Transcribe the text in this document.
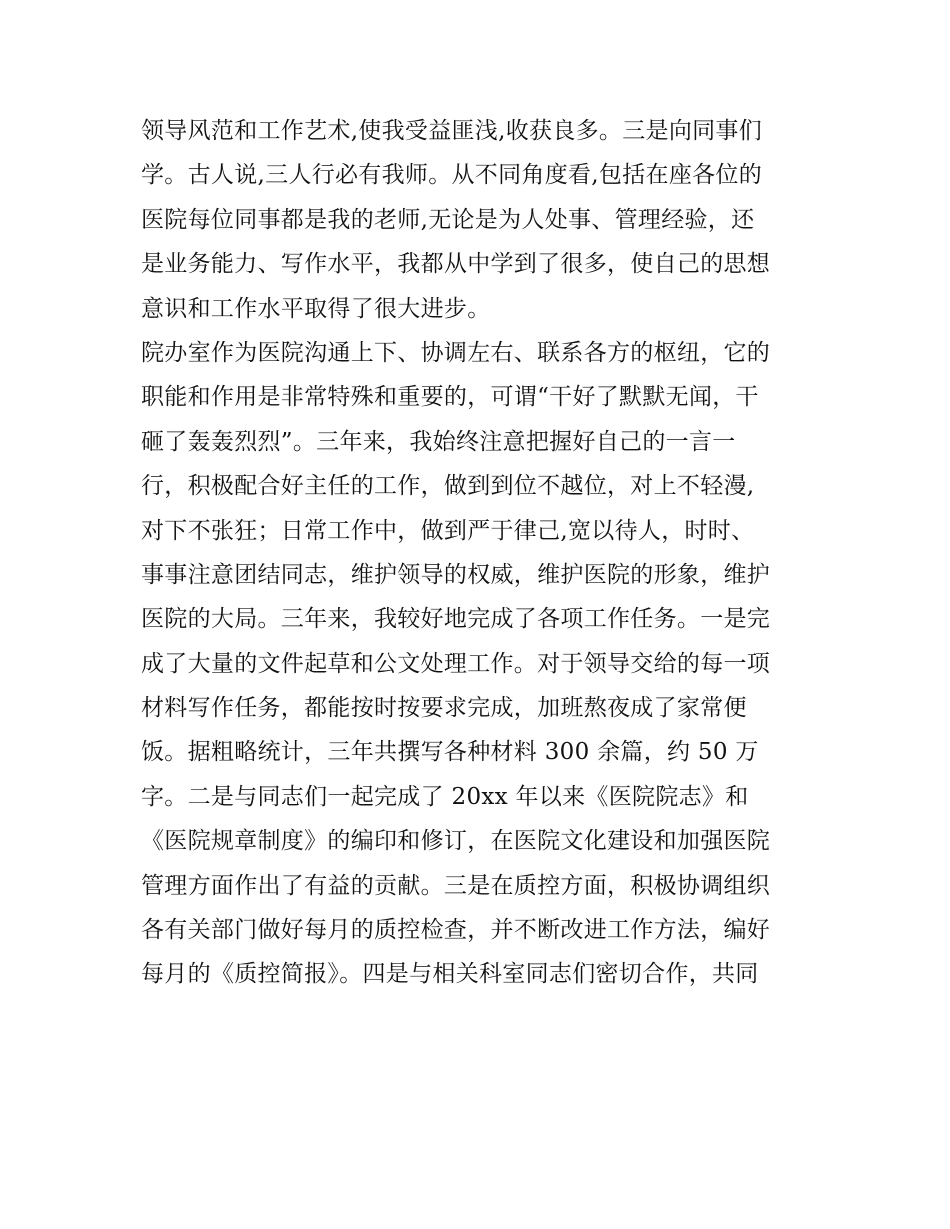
领导风范和工作艺术,使我受益匪浅,收获良多。三是向同事们
学。古人说,三人行必有我师。从不同角度看,包括在座各位的
医院每位同事都是我的老师,无论是为人处事、管理经验，还
是业务能力、写作水平，我都从中学到了很多，使自己的思想
意识和工作水平取得了很大进步。
院办室作为医院沟通上下、协调左右、联系各方的枢纽，它的
职能和作用是非常特殊和重要的，可谓“干好了默默无闻，干
砸了轰轰烈烈”。三年来，我始终注意把握好自己的一言一
行，积极配合好主任的工作，做到到位不越位，对上不轻漫,
对下不张狂；日常工作中，做到严于律己,宽以待人，时时、
事事注意团结同志，维护领导的权威，维护医院的形象，维护
医院的大局。三年来，我较好地完成了各项工作任务。一是完
成了大量的文件起草和公文处理工作。对于领导交给的每一项
材料写作任务，都能按时按要求完成，加班熬夜成了家常便
饭。据粗略统计，三年共撰写各种材料 300 余篇，约 50 万
字。二是与同志们一起完成了 20xx 年以来《医院院志》和
《医院规章制度》的编印和修订，在医院文化建设和加强医院
管理方面作出了有益的贡献。三是在质控方面，积极协调组织
各有关部门做好每月的质控检查，并不断改进工作方法，编好
每月的《质控简报》。四是与相关科室同志们密切合作，共同
